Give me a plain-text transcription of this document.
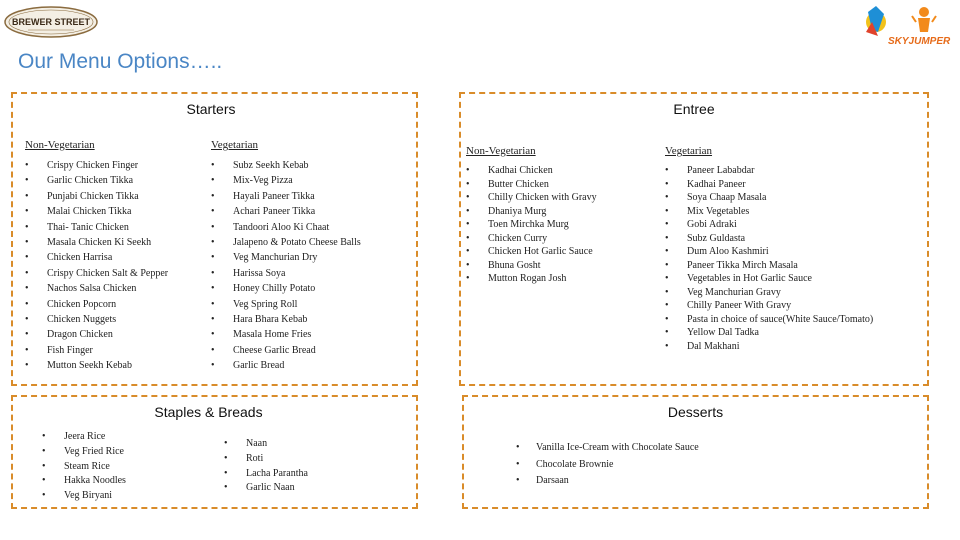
BREWER STREET
SKYJUMPER
Our Menu Options…..
Starters
Non-Vegetarian
• Crispy Chicken Finger
• Garlic Chicken Tikka
• Punjabi Chicken Tikka
• Malai Chicken Tikka
• Thai- Tanic Chicken
• Masala Chicken Ki Seekh
• Chicken Harrisa
• Crispy Chicken Salt & Pepper
• Nachos Salsa Chicken
• Chicken Popcorn
• Chicken Nuggets
• Dragon Chicken
• Fish Finger
• Mutton Seekh Kebab
Vegetarian
• Subz Seekh Kebab
• Mix-Veg Pizza
• Hayali Paneer Tikka
• Achari Paneer Tikka
• Tandoori Aloo Ki Chaat
• Jalapeno & Potato Cheese Balls
• Veg Manchurian Dry
• Harissa Soya
• Honey Chilly Potato
• Veg Spring Roll
• Hara Bhara Kebab
• Masala Home Fries
• Cheese Garlic Bread
• Garlic Bread
Entree
Non-Vegetarian
• Kadhai Chicken
• Butter Chicken
• Chilly Chicken with Gravy
• Dhaniya Murg
• Toen Mirchka Murg
• Chicken Curry
• Chicken Hot Garlic Sauce
• Bhuna Gosht
• Mutton Rogan Josh
Vegetarian
• Paneer Lababdar
• Kadhai Paneer
• Soya Chaap Masala
• Mix Vegetables
• Gobi Adraki
• Subz Guldasta
• Dum Aloo Kashmiri
• Paneer Tikka Mirch Masala
• Vegetables in Hot Garlic Sauce
• Veg Manchurian Gravy
• Chilly Paneer With Gravy
• Pasta in choice of sauce(White Sauce/Tomato)
• Yellow Dal Tadka
• Dal Makhani
Staples & Breads
• Jeera Rice
• Veg Fried Rice
• Steam Rice
• Hakka Noodles
• Veg Biryani
• Naan
• Roti
• Lacha Parantha
• Garlic Naan
Desserts
• Vanilla Ice-Cream with Chocolate Sauce
• Chocolate Brownie
• Darsaan
